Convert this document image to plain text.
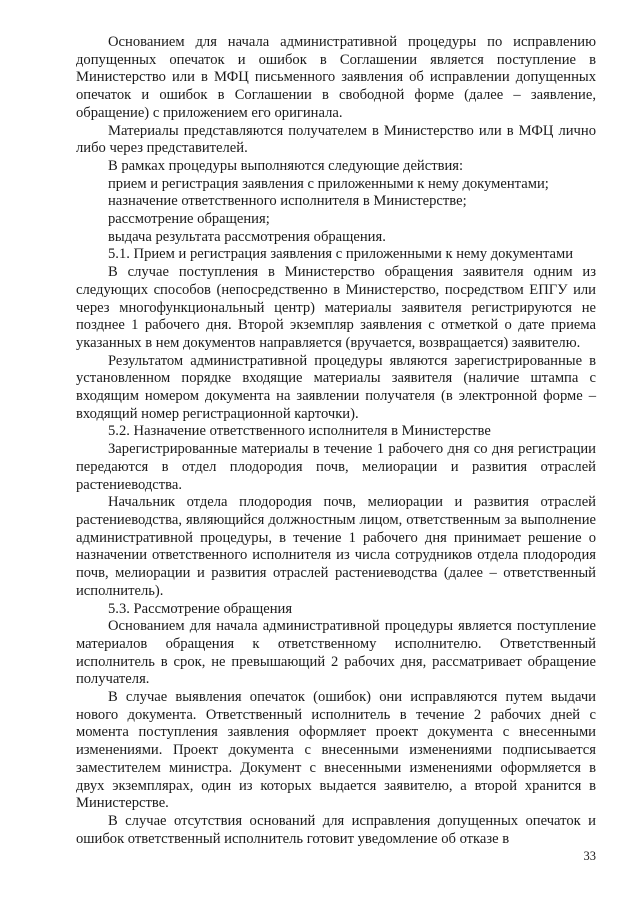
Основанием для начала административной процедуры по исправлению допущенных опечаток и ошибок в Соглашении является поступление в Министерство или в МФЦ письменного заявления об исправлении допущенных опечаток и ошибок в Соглашении в свободной форме (далее – заявление, обращение) с приложением его оригинала.

Материалы представляются получателем в Министерство или в МФЦ лично либо через представителей.

В рамках процедуры выполняются следующие действия:

прием и регистрация заявления с приложенными к нему документами;

назначение ответственного исполнителя в Министерстве;

рассмотрение обращения;

выдача результата рассмотрения обращения.

5.1. Прием и регистрация заявления с приложенными к нему документами

В случае поступления в Министерство обращения заявителя одним из следующих способов (непосредственно в Министерство, посредством ЕПГУ или через многофункциональный центр) материалы заявителя регистрируются не позднее 1 рабочего дня. Второй экземпляр заявления с отметкой о дате приема указанных в нем документов направляется (вручается, возвращается) заявителю.

Результатом административной процедуры являются зарегистрированные в установленном порядке входящие материалы заявителя (наличие штампа с входящим номером документа на заявлении получателя (в электронной форме – входящий номер регистрационной карточки).

5.2. Назначение ответственного исполнителя в Министерстве

Зарегистрированные материалы в течение 1 рабочего дня со дня регистрации передаются в отдел плодородия почв, мелиорации и развития отраслей растениеводства.

Начальник отдела плодородия почв, мелиорации и развития отраслей растениеводства, являющийся должностным лицом, ответственным за выполнение административной процедуры, в течение 1 рабочего дня принимает решение о назначении ответственного исполнителя из числа сотрудников отдела плодородия почв, мелиорации и развития отраслей растениеводства (далее – ответственный исполнитель).

5.3. Рассмотрение обращения

Основанием для начала административной процедуры является поступление материалов обращения к ответственному исполнителю. Ответственный исполнитель в срок, не превышающий 2 рабочих дня, рассматривает обращение получателя.

В случае выявления опечаток (ошибок) они исправляются путем выдачи нового документа. Ответственный исполнитель в течение 2 рабочих дней с момента поступления заявления оформляет проект документа с внесенными изменениями. Проект документа с внесенными изменениями подписывается заместителем министра. Документ с внесенными изменениями оформляется в двух экземплярах, один из которых выдается заявителю, а второй хранится в Министерстве.

В случае отсутствия оснований для исправления допущенных опечаток и ошибок ответственный исполнитель готовит уведомление об отказе в

33
